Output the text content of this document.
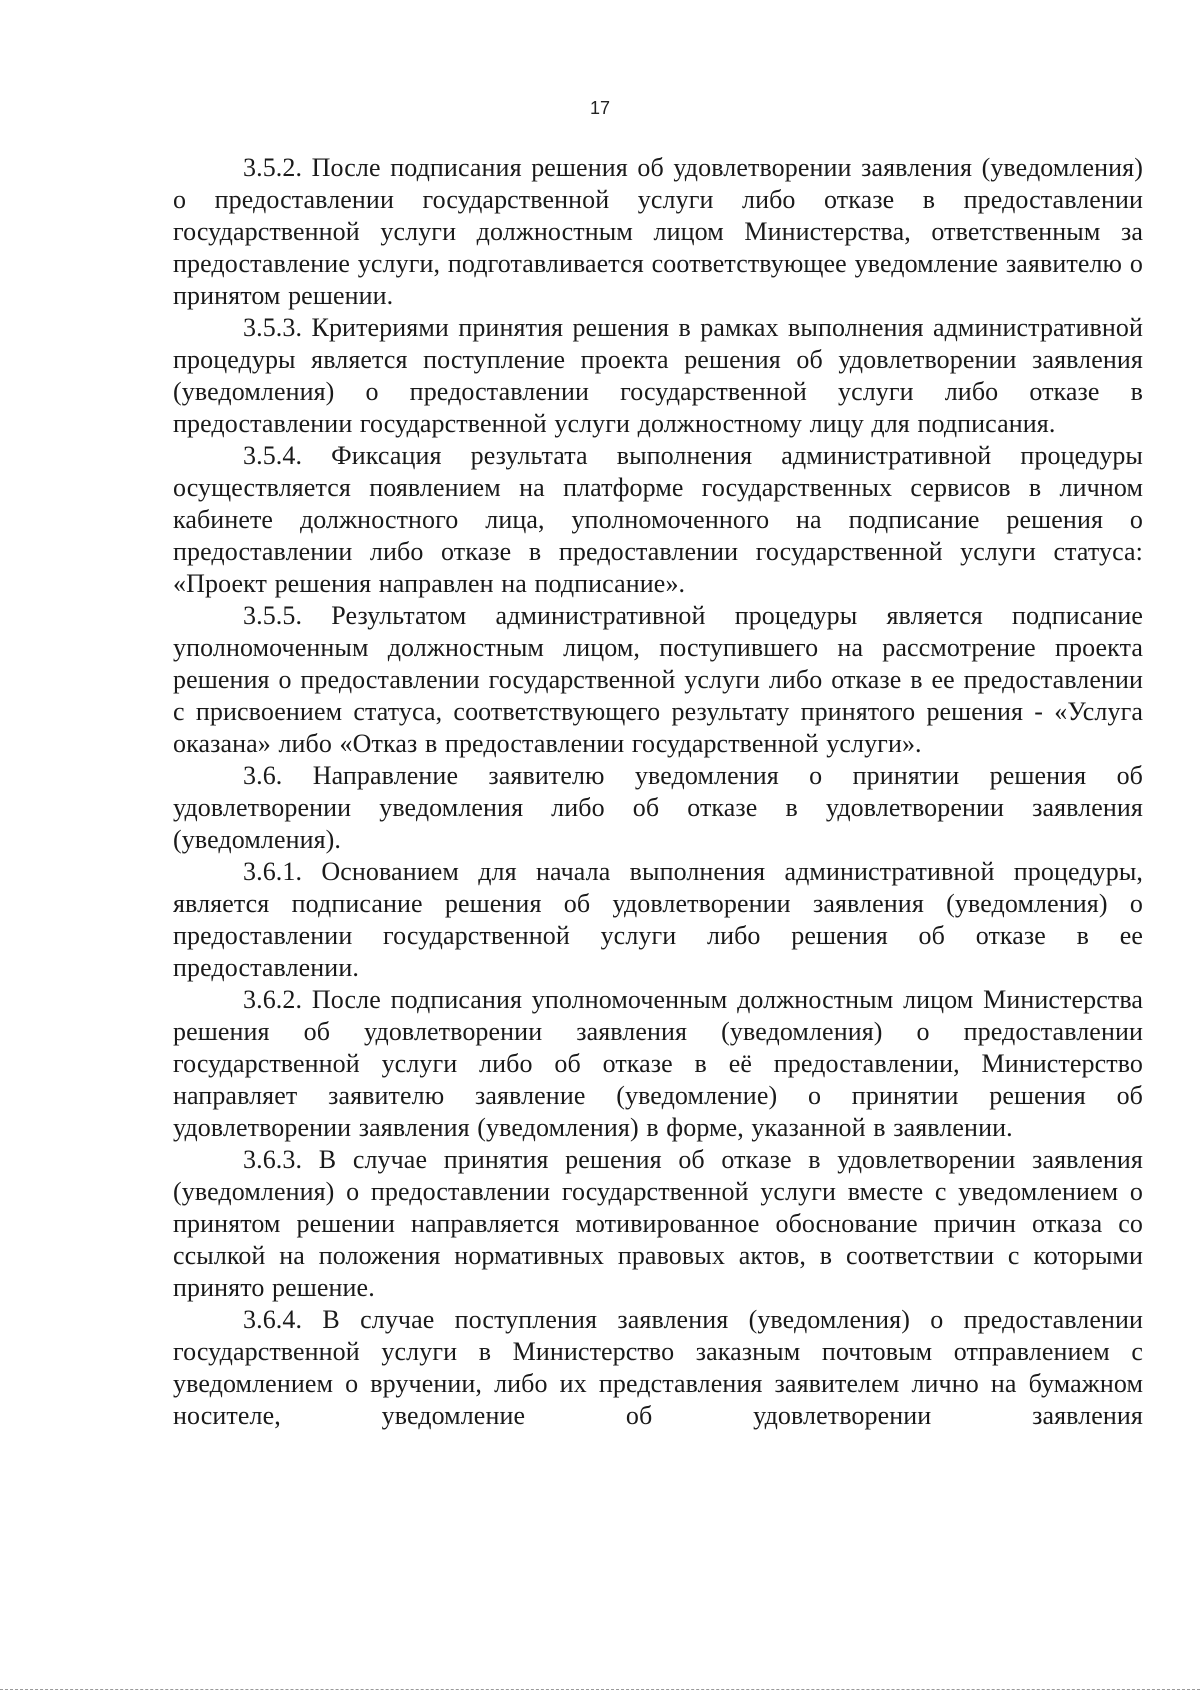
17

3.5.2. После подписания решения об удовлетворении заявления (уведомления) о предоставлении государственной услуги либо отказе в предоставлении государственной услуги должностным лицом Министерства, ответственным за предоставление услуги, подготавливается соответствующее уведомление заявителю о принятом решении.

3.5.3. Критериями принятия решения в рамках выполнения административной процедуры является поступление проекта решения об удовлетворении заявления (уведомления) о предоставлении государственной услуги либо отказе в предоставлении государственной услуги должностному лицу для подписания.

3.5.4. Фиксация результата выполнения административной процедуры осуществляется появлением на платформе государственных сервисов в личном кабинете должностного лица, уполномоченного на подписание решения о предоставлении либо отказе в предоставлении государственной услуги статуса: «Проект решения направлен на подписание».

3.5.5. Результатом административной процедуры является подписание уполномоченным должностным лицом, поступившего на рассмотрение проекта решения о предоставлении государственной услуги либо отказе в ее предоставлении с присвоением статуса, соответствующего результату принятого решения - «Услуга оказана» либо «Отказ в предоставлении государственной услуги».

3.6. Направление заявителю уведомления о принятии решения об удовлетворении уведомления либо об отказе в удовлетворении заявления (уведомления).

3.6.1. Основанием для начала выполнения административной процедуры, является подписание решения об удовлетворении заявления (уведомления) о предоставлении государственной услуги либо решения об отказе в ее предоставлении.

3.6.2. После подписания уполномоченным должностным лицом Министерства решения об удовлетворении заявления (уведомления) о предоставлении государственной услуги либо об отказе в её предоставлении, Министерство направляет заявителю заявление (уведомление) о принятии решения об удовлетворении заявления (уведомления) в форме, указанной в заявлении.

3.6.3. В случае принятия решения об отказе в удовлетворении заявления (уведомления) о предоставлении государственной услуги вместе с уведомлением о принятом решении направляется мотивированное обоснование причин отказа со ссылкой на положения нормативных правовых актов, в соответствии с которыми принято решение.

3.6.4. В случае поступления заявления (уведомления) о предоставлении государственной услуги в Министерство заказным почтовым отправлением с уведомлением о вручении, либо их представления заявителем лично на бумажном носителе, уведомление об удовлетворении заявления
